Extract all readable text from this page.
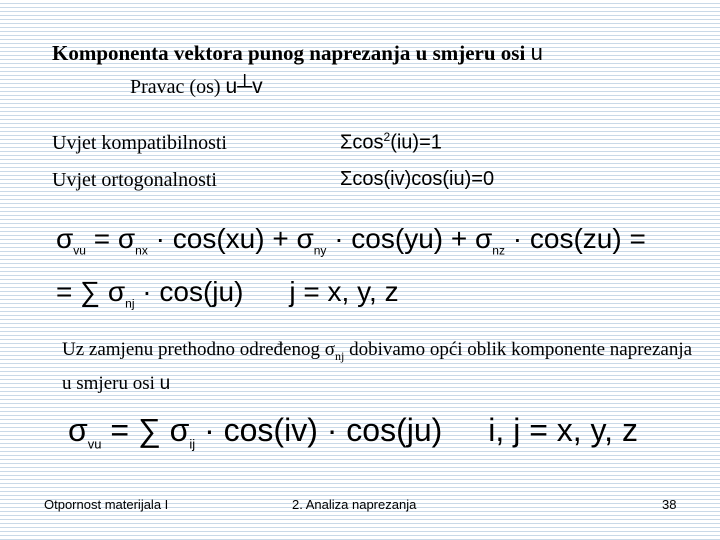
Komponenta vektora punog naprezanja u smjeru osi u
Pravac (os) u┴v
Uvjet kompatibilnosti	Σcos$^2$(iu)=1
Uvjet ortogonalnosti	Σcos(iv)cos(iu)=0
$\sigma_{vu} = \sigma_{nx} \cdot \cos(xu) + \sigma_{ny} \cdot \cos(yu) + \sigma_{nz} \cdot \cos(zu)$ =
= ∑ $\sigma_{nj} \cdot \cos(ju) j = x$, y, z
Uz zamjenu prethodno određenog $\sigma_{nj}$ dobivamo opći oblik komponente naprezanja u smjeru osi u
$\sigma_{vu}$ = ∑ $\sigma_{ij} \cdot \cos(iv) \cdot \cos(ju)$ i, j = x, y, z
Otpornost materijala I	2. Analiza naprezanja	38
